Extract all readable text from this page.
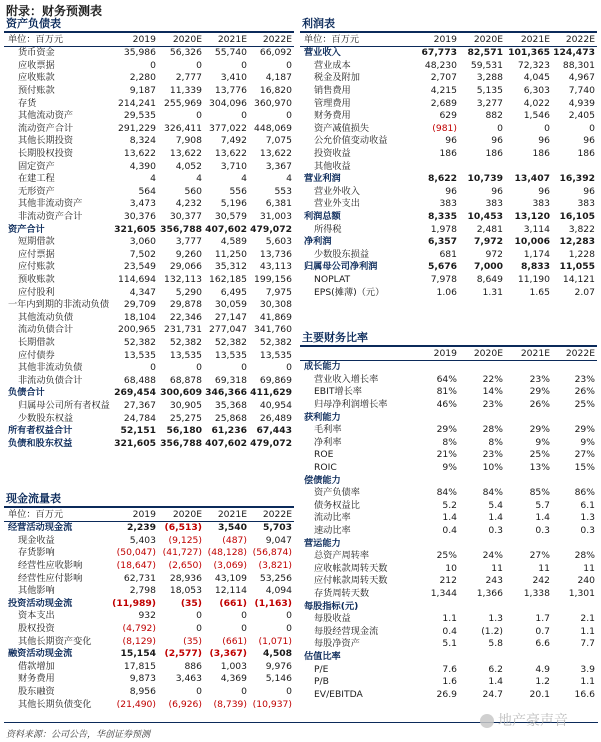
附录：财务预测表
资产负债表
单位：百万元	2019	2020E	2021E	2022E
货币资金	35,986	56,326	55,740	66,092
应收票据	0	0	0	0
应收账款	2,280	2,777	3,410	4,187
预付账款	9,187	11,339	13,776	16,820
存货	214,241	255,969	304,096	360,970
其他流动资产	29,535	0	0	0
流动资产合计	291,229	326,411	377,022	448,069
其他长期投资	8,324	7,908	7,492	7,075
长期股权投资	13,622	13,622	13,622	13,622
固定资产	4,390	4,052	3,710	3,367
在建工程	4	4	4	4
无形资产	564	560	556	553
其他非流动资产	3,473	4,232	5,196	6,381
非流动资产合计	30,376	30,377	30,579	31,003
资产合计	321,605	356,788	407,602	479,072
短期借款	3,060	3,777	4,589	5,603
应付票据	7,502	9,260	11,250	13,736
应付账款	23,549	29,066	35,312	43,113
预收账款	114,694	132,113	162,185	199,156
应付股利	4,347	5,290	6,495	7,975
一年内到期的非流动负债	29,709	29,878	30,059	30,308
其他流动负债	18,104	22,346	27,147	41,869
流动负债合计	200,965	231,731	277,047	341,760
长期借款	52,382	52,382	52,382	52,382
应付债券	13,535	13,535	13,535	13,535
其他非流动负债	0	0	0	0
非流动负债合计	68,488	68,878	69,318	69,869
负债合计	269,454	300,609	346,366	411,629
归属母公司所有者权益	27,367	30,905	35,368	40,954
少数股东权益	24,784	25,275	25,868	26,489
所有者权益合计	52,151	56,180	61,236	67,443
负债和股东权益	321,605	356,788	407,602	479,072
现金流量表
单位：百万元	2019	2020E	2021E	2022E
经营活动现金流	2,239	(6,513)	3,540	5,703
现金收益	5,403	(9,125)	(487)	9,047
存货影响	(50,047)	(41,727)	(48,128)	(56,874)
经营性应收影响	(18,647)	(2,650)	(3,069)	(3,821)
经营性应付影响	62,731	28,936	43,109	53,256
其他影响	2,798	18,053	12,114	4,094
投资活动现金流	(11,989)	(35)	(661)	(1,163)
资本支出	932	0	0	0
股权投资	(4,792)	0	0	0
其他长期资产变化	(8,129)	(35)	(661)	(1,071)
融资活动现金流	15,154	(2,577)	(3,367)	4,508
借款增加	17,815	886	1,003	9,976
财务费用	9,873	3,463	4,369	5,146
股东融资	8,956	0	0	0
其他长期负债变化	(21,490)	(6,926)	(8,739)	(10,937)
利润表
单位：百万元	2019	2020E	2021E	2022E
营业收入	67,773	82,571	101,365	124,473
营业成本	48,230	59,531	72,323	88,301
税金及附加	2,707	3,288	4,045	4,967
销售费用	4,215	5,135	6,303	7,740
管理费用	2,689	3,277	4,022	4,939
财务费用	629	882	1,546	2,405
资产减值损失	(981)	0	0	0
公允价值变动收益	96	96	96	96
投资收益	186	186	186	186
其他收益				
营业利润	8,622	10,739	13,407	16,392
营业外收入	96	96	96	96
营业外支出	383	383	383	383
利润总额	8,335	10,453	13,120	16,105
所得税	1,978	2,481	3,114	3,822
净利润	6,357	7,972	10,006	12,283
少数股东损益	681	972	1,174	1,228
归属母公司净利润	5,676	7,000	8,833	11,055
NOPLAT	7,978	8,649	11,190	14,121
EPS(摊薄)（元）	1.06	1.31	1.65	2.07
主要财务比率
	2019	2020E	2021E	2022E
成长能力				
营业收入增长率	64%	22%	23%	23%
EBIT增长率	81%	14%	29%	26%
归母净利润增长率	46%	23%	26%	25%
获利能力				
毛利率	29%	28%	29%	29%
净利率	8%	8%	9%	9%
ROE	21%	23%	25%	27%
ROIC	9%	10%	13%	15%
偿债能力				
资产负债率	84%	84%	85%	86%
债务权益比	5.2	5.4	5.7	6.1
流动比率	1.4	1.4	1.4	1.3
速动比率	0.4	0.3	0.3	0.3
营运能力				
总资产周转率	25%	24%	27%	28%
应收帐款周转天数	10	11	11	11
应付帐款周转天数	212	243	242	240
存货周转天数	1,344	1,366	1,338	1,301
每股指标(元)				
每股收益	1.1	1.3	1.7	2.1
每股经营现金流	0.4	(1.2)	0.7	1.1
每股净资产	5.1	5.8	6.6	7.7
估值比率				
P/E	7.6	6.2	4.9	3.9
P/B	1.6	1.4	1.2	1.1
EV/EBITDA	26.9	24.7	20.1	16.6
资料来源：公司公告，华创证券预测
地产豪声音
